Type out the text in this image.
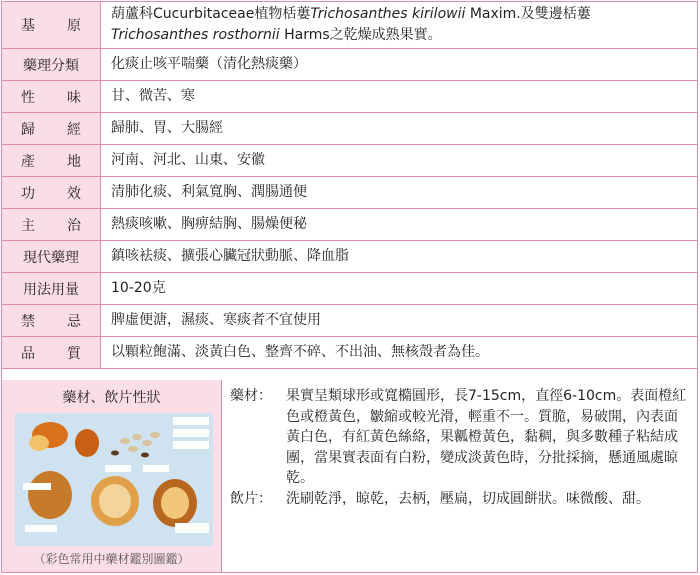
基 原	葫蘆科Cucurbitaceae植物栝蔞Trichosanthes kirilowii Maxim.及雙邊栝蔞
Trichosanthes rosthornii Harms之乾燥成熟果實。
藥理分類	化痰止咳平喘藥（清化熱痰藥）

性 味	甘、微苦、寒

歸 經	歸肺、胃、大腸經

產 地	河南、河北、山東、安徽

功 效	清肺化痰、利氣寬胸、潤腸通便

主 治	熱痰咳嗽、胸痹結胸、腸燥便秘
現代藥理	鎮咳袪痰、擴張心臟冠狀動脈、降血脂
用法用量	10-20克

禁 忌	脾虛便溏，濕痰、寒痰者不宜使用

品 質	以顆粒飽滿、淡黃白色、整齊不碎、不出油、無核殼者為佳。
藥材、飲片性狀
（彩色常用中藥材鑑別圖鑑）
藥材：	果實呈類球形或寬橢圓形，長7-15cm，直徑6-10cm。表面橙紅色或橙黃色，皺縮或較光滑，輕重不一。質脆，易破開，內表面黃白色，有紅黃色絲絡，果瓤橙黃色，黏稠，與多數種子粘結成團，當果實表面有白粉，變成淡黃色時，分批採摘，懸通風處晾乾。
飲片：	洗刷乾淨，晾乾，去柄，壓扁，切成圓餅狀。味微酸、甜。
